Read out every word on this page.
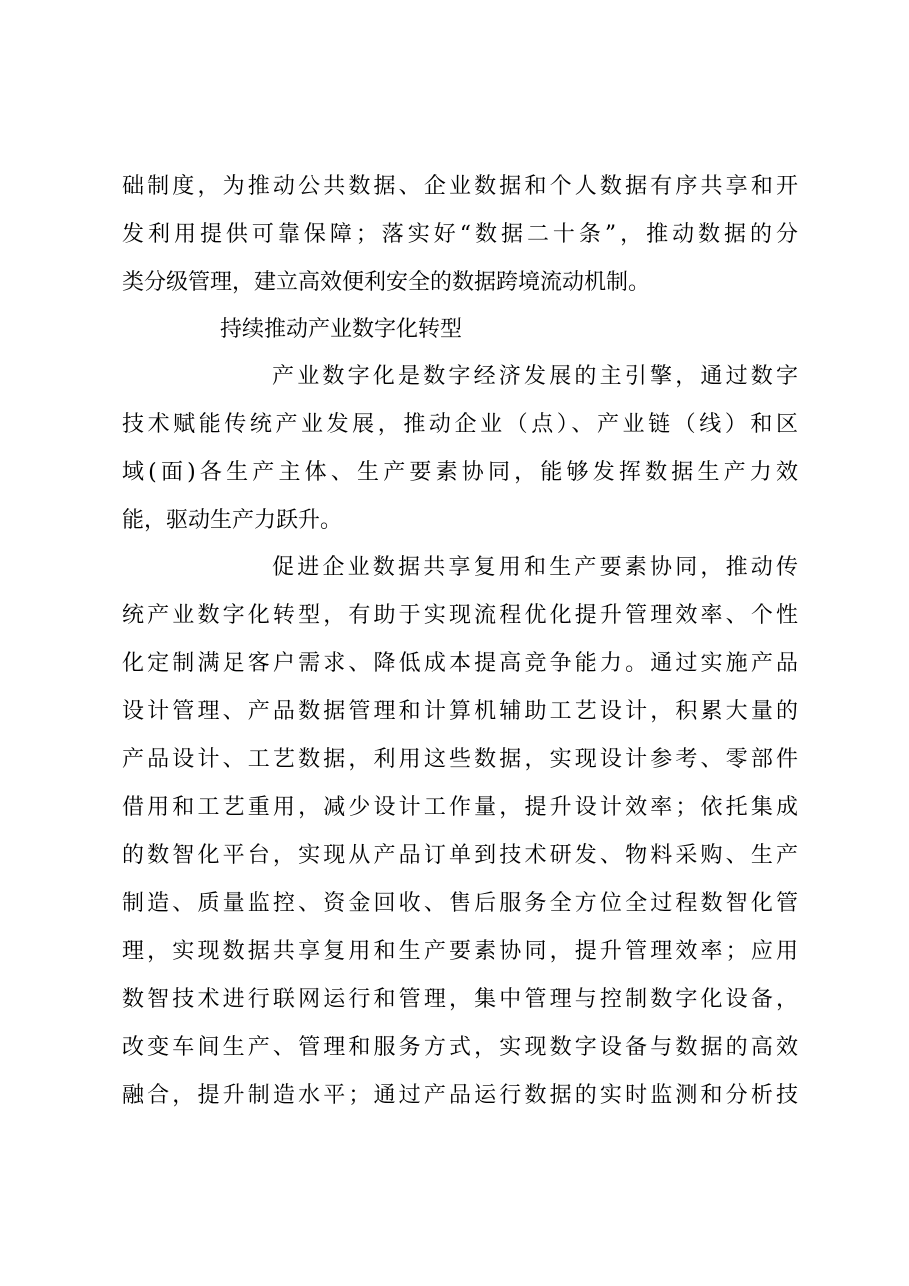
础制度，为推动公共数据、企业数据和个人数据有序共享和开
发利用提供可靠保障；落实好“数据二十条”，推动数据的分
类分级管理，建立高效便利安全的数据跨境流动机制。
持续推动产业数字化转型
产业数字化是数字经济发展的主引擎，通过数字
技术赋能传统产业发展，推动企业（点）、产业链（线）和区
域(面)各生产主体、生产要素协同，能够发挥数据生产力效
能，驱动生产力跃升。
促进企业数据共享复用和生产要素协同，推动传
统产业数字化转型，有助于实现流程优化提升管理效率、个性
化定制满足客户需求、降低成本提高竞争能力。通过实施产品
设计管理、产品数据管理和计算机辅助工艺设计，积累大量的
产品设计、工艺数据，利用这些数据，实现设计参考、零部件
借用和工艺重用，减少设计工作量，提升设计效率；依托集成
的数智化平台，实现从产品订单到技术研发、物料采购、生产
制造、质量监控、资金回收、售后服务全方位全过程数智化管
理，实现数据共享复用和生产要素协同，提升管理效率；应用
数智技术进行联网运行和管理，集中管理与控制数字化设备，
改变车间生产、管理和服务方式，实现数字设备与数据的高效
融合，提升制造水平；通过产品运行数据的实时监测和分析技
